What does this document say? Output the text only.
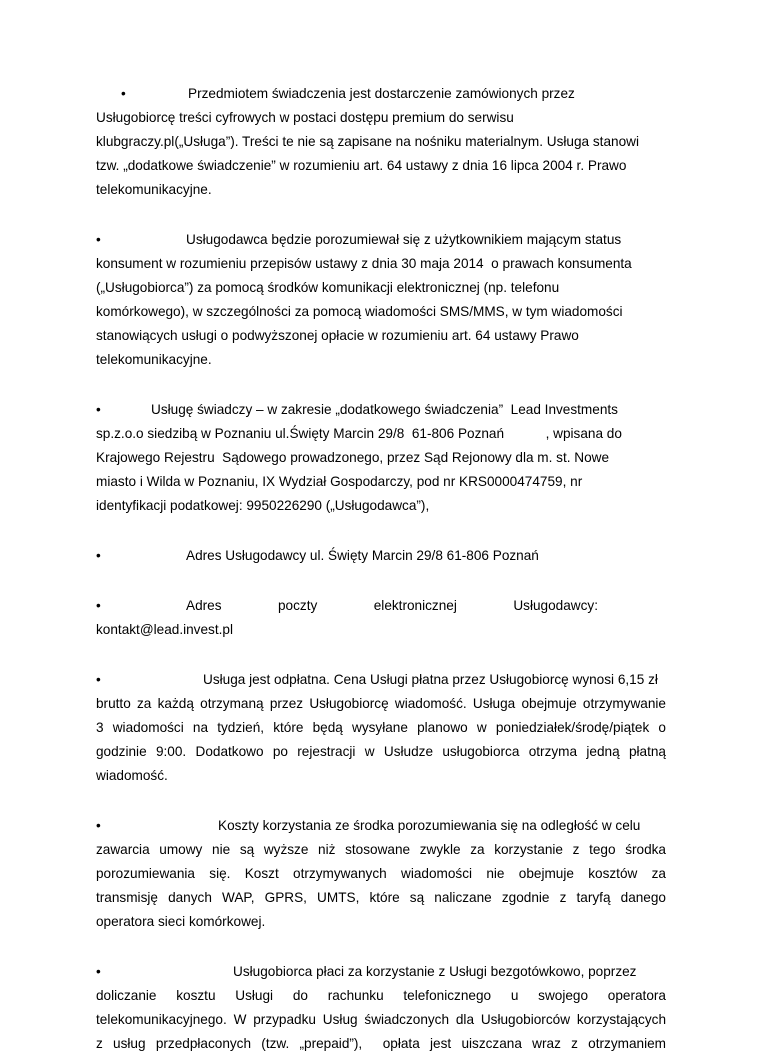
•	Przedmiotem świadczenia jest dostarczenie zamówionych przez
Usługobiorcę treści cyfrowych w postaci dostępu premium do serwisu
klubgraczy.pl(„Usługa”). Treści te nie są zapisane na nośniku materialnym. Usługa stanowi
tzw. „dodatkowe świadczenie” w rozumieniu art. 64 ustawy z dnia 16 lipca 2004 r. Prawo
telekomunikacyjne.
•	Usługodawca będzie porozumiewał się z użytkownikiem mającym status
konsument w rozumieniu przepisów ustawy z dnia 30 maja 2014  o prawach konsumenta
(„Usługobiorca”) za pomocą środków komunikacji elektronicznej (np. telefonu
komórkowego), w szczególności za pomocą wiadomości SMS/MMS, w tym wiadomości
stanowiących usługi o podwyższonej opłacie w rozumieniu art. 64 ustawy Prawo
telekomunikacyjne.
•	Usługę świadczy – w zakresie „dodatkowego świadczenia”  Lead Investments
sp.z.o.o siedzibą w Poznaniu ul.Święty Marcin 29/8  61-806 Poznań           , wpisana do
Krajowego Rejestru  Sądowego prowadzonego, przez Sąd Rejonowy dla m. st. Nowe
miasto i Wilda w Poznaniu, IX Wydział Gospodarczy, pod nr KRS0000474759, nr
identyfikacji podatkowej: 9950226290 („Usługodawca”),
•	Adres Usługodawcy ul. Święty Marcin 29/8 61-806 Poznań
•	Adres	poczty	elektronicznej	Usługodawcy:
kontakt@lead.invest.pl
•	Usługa jest odpłatna. Cena Usługi płatna przez Usługobiorcę wynosi 6,15 zł
brutto za każdą otrzymaną przez Usługobiorcę wiadomość. Usługa obejmuje otrzymywanie
3 wiadomości na tydzień, które będą wysyłane planowo w poniedziałek/środę/piątek o
godzinie 9:00. Dodatkowo po rejestracji w Usłudze usługobiorca otrzyma jedną płatną
wiadomość.
•	Koszty korzystania ze środka porozumiewania się na odległość w celu
zawarcia umowy nie są wyższe niż stosowane zwykle za korzystanie z tego środka
porozumiewania się. Koszt otrzymywanych wiadomości nie obejmuje kosztów za
transmisję danych WAP, GPRS, UMTS, które są naliczane zgodnie z taryfą danego
operatora sieci komórkowej.
•	Usługobiorca płaci za korzystanie z Usługi bezgotówkowo, poprzez
doliczanie  kosztu  Usługi  do  rachunku  telefonicznego  u  swojego  operatora
telekomunikacyjnego. W przypadku Usług świadczonych dla Usługobiorców korzystających
z usług przedpłaconych (tzw. „prepaid”),  opłata jest uiszczana wraz z otrzymaniem
